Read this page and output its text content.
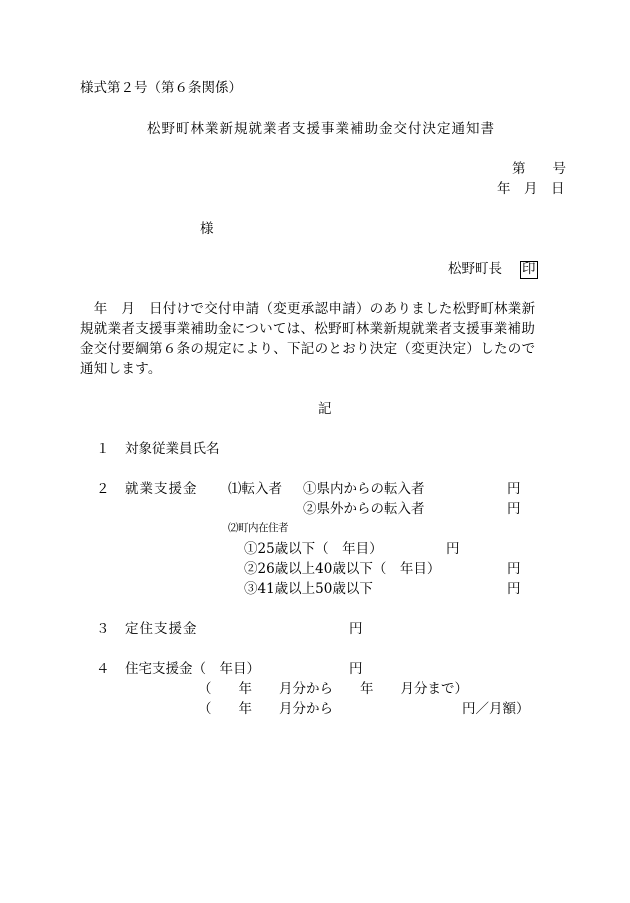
様式第２号（第６条関係）
松野町林業新規就業者支援事業補助金交付決定通知書
第　　号
年　月　日
様
松野町長 印
　年　月　日付けで交付申請（変更承認申請）のありました松野町林業新
規就業者支援事業補助金については、松野町林業新規就業者支援事業補助
金交付要綱第６条の規定により、下記のとおり決定（変更決定）したので
通知します。
記
１ 対象従業員氏名
２ 就業支援金 ⑴転入者 ①県内からの転入者	円
②県外からの転入者	円
⑵町内在住者
①25歳以下（　年目）	円
②26歳以上40歳以下（　年目）	円
③41歳以上50歳以下	円
３ 定住支援金	円
４ 住宅支援金（　年目）	円
（　　年　　月分から　　年　　月分まで）
（　　年　　月分から	円／月額）
